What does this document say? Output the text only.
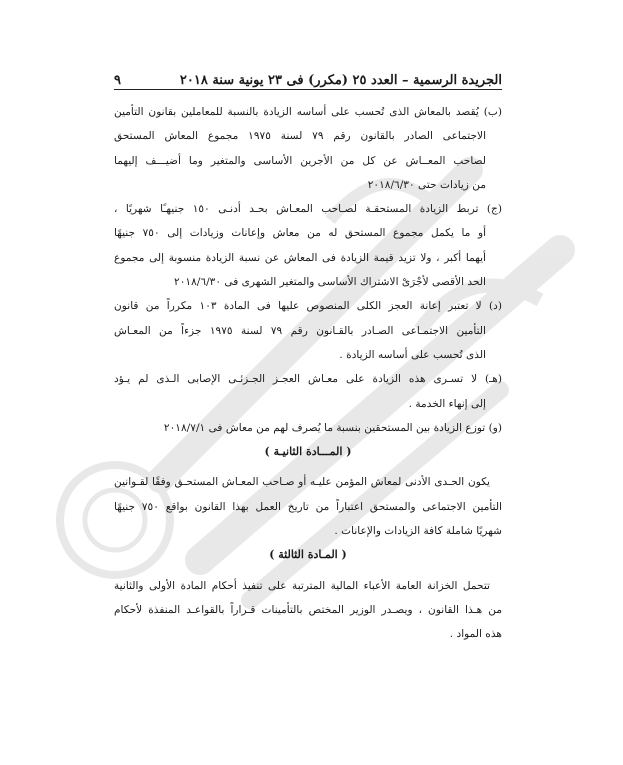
الجريدة الرسمية – العدد ٢٥ (مكرر) فى ٢٣ يونية سنة ٢٠١٨
٩
(ب) يُقصد بالمعاش الذى تُحسب على أساسه الزيادة بالنسبة للمعاملين بقانون التأمين
الاجتماعى الصادر بالقانون رقم ٧٩ لسنة ١٩٧٥ مجموع المعاش المستحق
لصاحب المعــاش عن كل من الأجرين الأساسى والمتغير وما أضيـــف إليهما
من زيادات حتى ٢٠١٨/٦/٣٠
(ج) تربط الزيادة المستحقـة لصـاحب المعـاش بحـد أدنـى ١٥٠ جنيهـًا شهريًا ،
أو ما يكمل مجموع المستحق له من معاش وإعانات وزيادات إلى ٧٥٠ جنيهًا
أيهما أكبر ، ولا تزيد قيمة الزيادة فى المعاش عن نسبة الزيادة منسوبة إلى مجموع
الحد الأقصى لأجْرَىْ الاشتراك الأساسى والمتغير الشهرى فى ٢٠١٨/٦/٣٠
(د) لا تعتبر إعانة العجز الكلى المنصوص عليها فى المادة ١٠٣ مكرراً من قانون
التأمين الاجتمـاعى الصـادر بالقـانون رقم ٧٩ لسنة ١٩٧٥ جزءاً من المعـاش
الذى تُحسب على أساسه الزيادة .
(هـ) لا تسـرى هذه الزيادة على معـاش العجـز الجـزئـى الإصابى الـذى لم يـؤد
إلى إنهاء الخدمة .
(و) توزع الزيادة بين المستحقين بنسبة ما يُصرف لهم من معاش فى ٢٠١٨/٧/١
( المـــادة الثانيـة )
يكون الحـدى الأدنى لمعاش المؤمن عليـه أو صـاحب المعـاش المستحـق وفقًا لقـوانين
التأمين الاجتماعى والمستحق اعتباراً من تاريخ العمل بهذا القانون بواقع ٧٥٠ جنيهًا
شهريًا شاملة كافة الزيادات والإعانات .
( المـادة الثالثة )
تتحمل الخزانة العامة الأعباء المالية المترتبة على تنفيذ أحكام المادة الأولى والثانية
من هـذا القانون ، ويصـدر الوزير المختص بالتأمينات قـراراً بالقواعـد المنفذة لأحكام
هذه المواد .
